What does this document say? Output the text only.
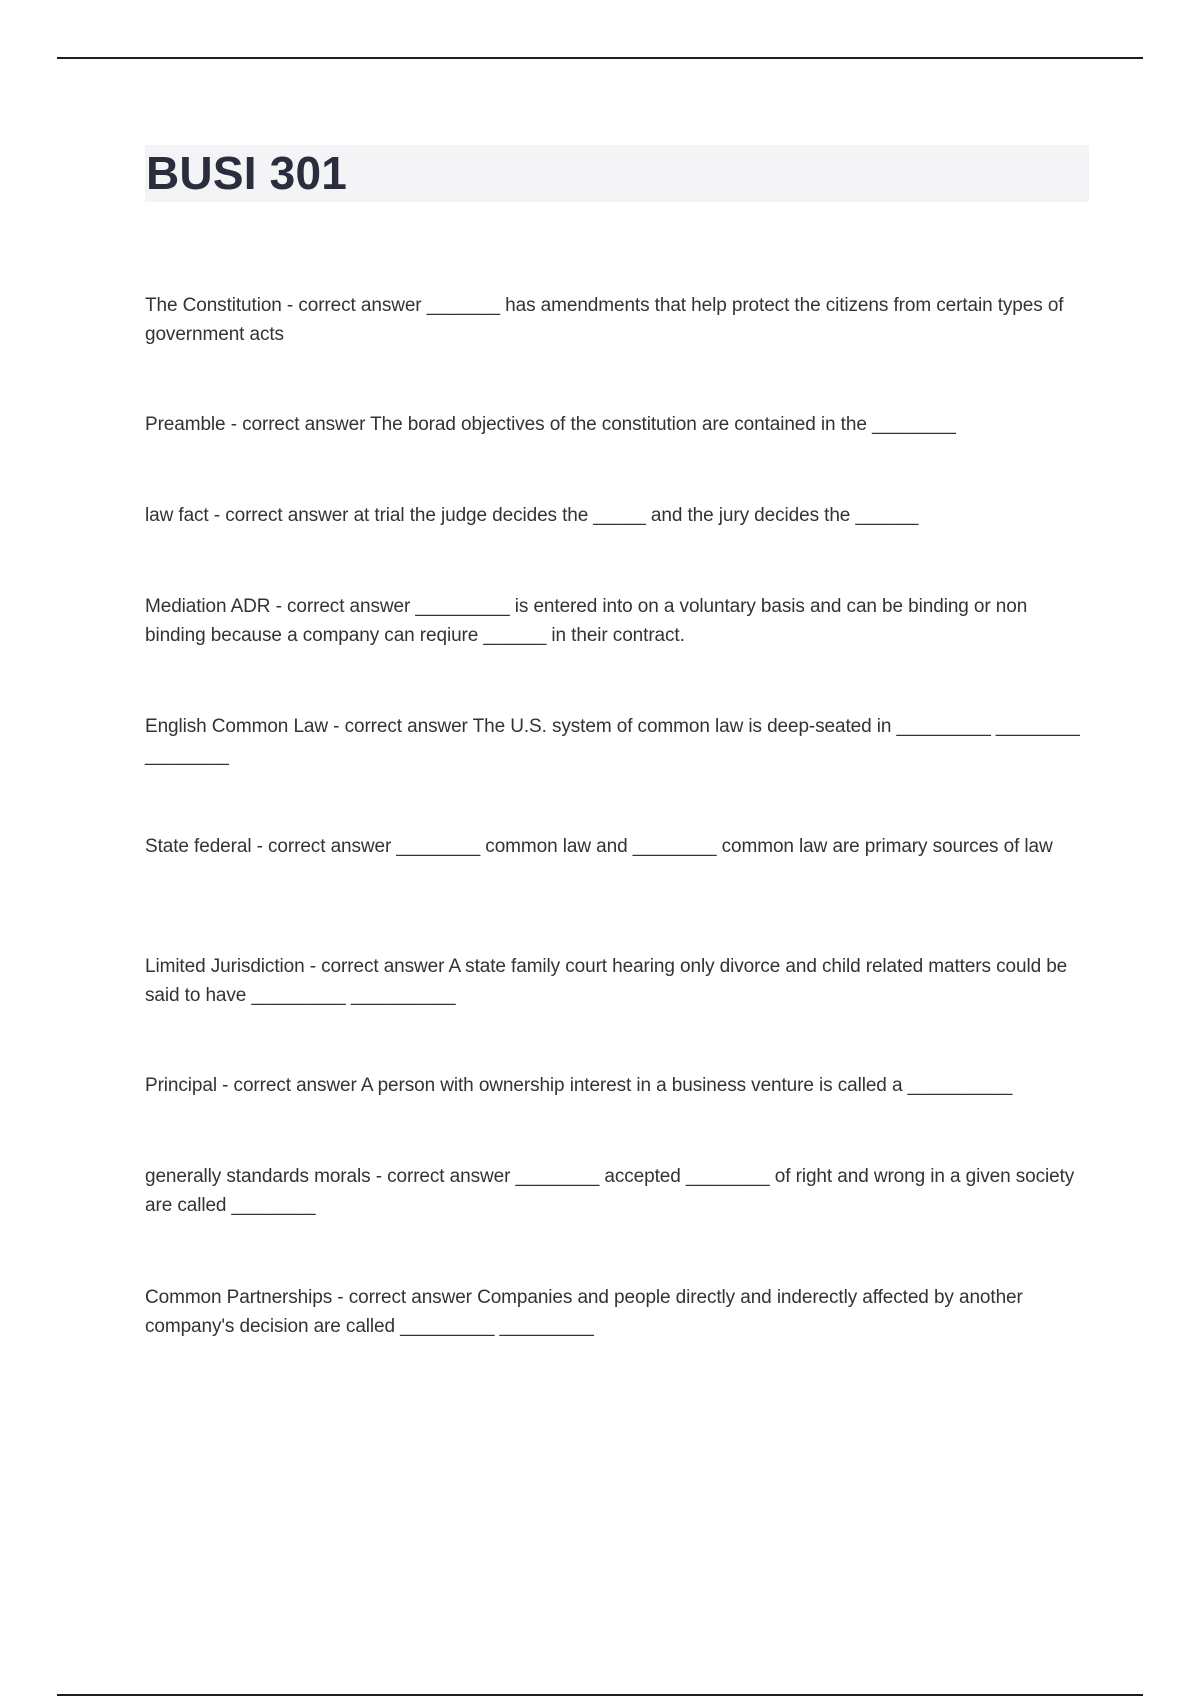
BUSI 301

The Constitution - correct answer _______ has amendments that help protect the citizens from certain types of government acts

Preamble - correct answer The borad objectives of the constitution are contained in the ________

law fact - correct answer at trial the judge decides the _____ and the jury decides the ______

Mediation ADR - correct answer _________ is entered into on a voluntary basis and can be binding or non binding because a company can reqiure ______ in their contract.

English Common Law - correct answer The U.S. system of common law is deep-seated in _________ ________ ________

State federal - correct answer ________ common law and ________ common law are primary sources of law

Limited Jurisdiction - correct answer A state family court hearing only divorce and child related matters could be said to have _________ __________

Principal - correct answer A person with ownership interest in a business venture is called a __________

generally standards morals - correct answer ________ accepted ________ of right and wrong in a given society are called ________

Common Partnerships - correct answer Companies and people directly and inderectly affected by another company's decision are called _________ _________
